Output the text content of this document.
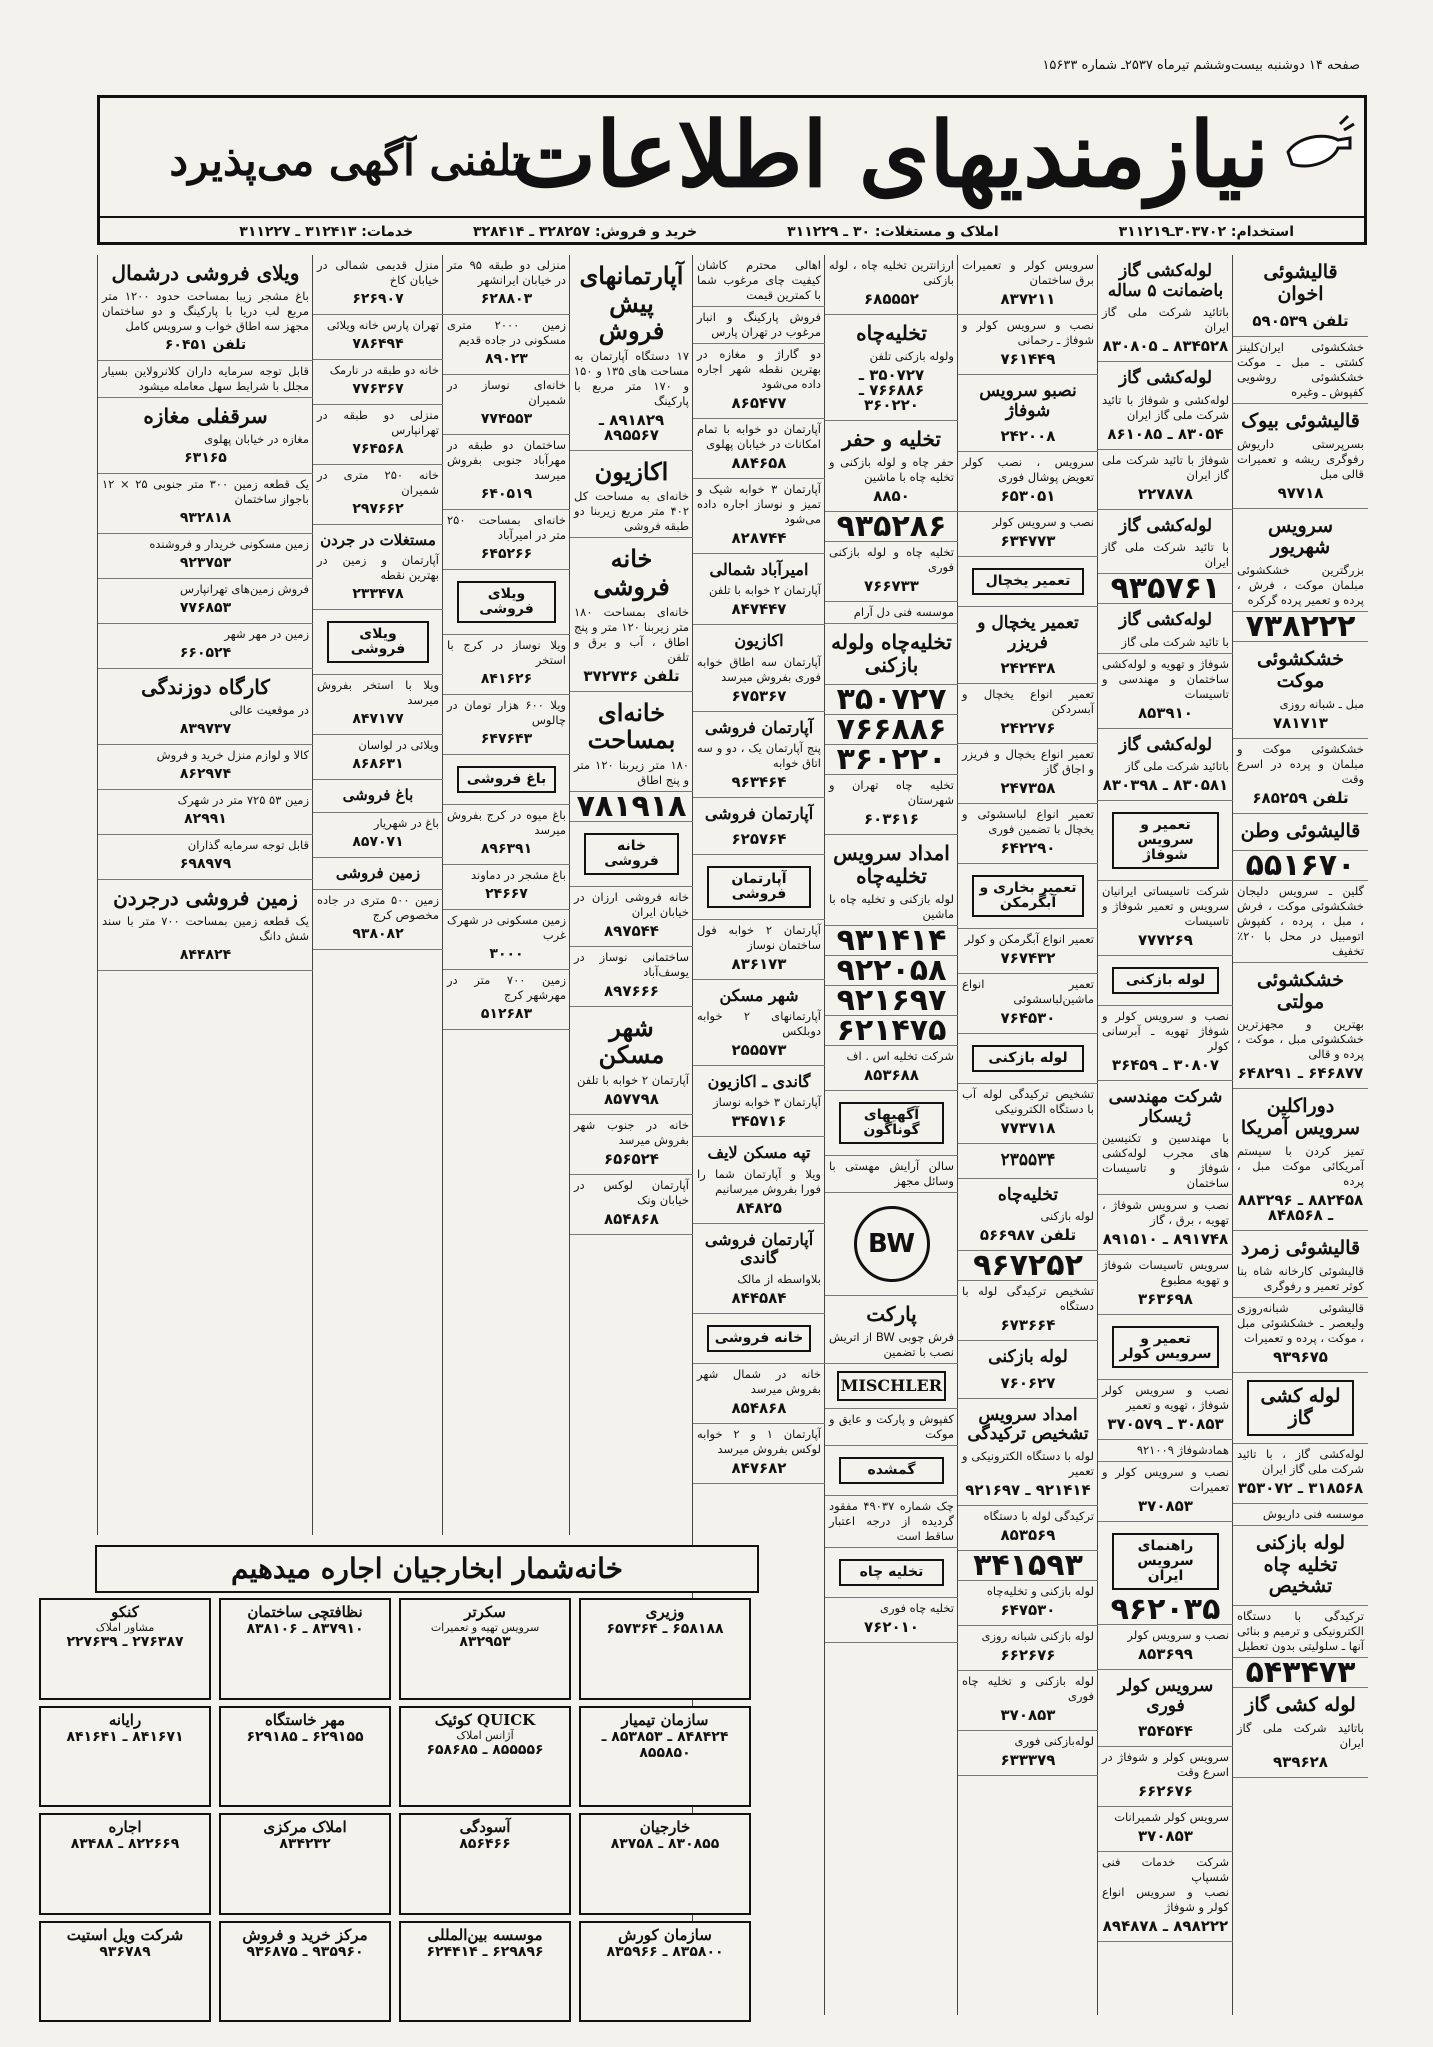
صفحه ۱۴ دوشنبه بیست‌وششم تیرماه ۲۵۳۷ـ شماره ۱۵۶۳۳
نیازمندیهای اطلاعات
تلفنی آگهی می‌پذیرد
استخدام: ۳۰۳۷۰۲ـ۳۱۱۲۱۹
املاک و مستغلات: ۳۰ ـ ۳۱۱۲۲۹
خرید و فروش: ۳۲۸۲۵۷ ـ ۳۲۸۴۱۴
خدمات: ۳۱۲۴۱۳ ـ ۳۱۱۲۲۷
قالیشوئی اخوان
تلفن ۵۹۰۵۳۹
خشکشوئی ایران‌کلینز کشتی ـ مبل ـ موکت خشکشوئی روشویی کفپوش ـ وغیره
قالیشوئی بیوک
بسرپرستی داریوش رفوگری ریشه و تعمیرات قالی مبل
۹۷۷۱۸
سرویس شهریور
بزرگترین خشکشوئی مبلمان موکت ، فرش ، پرده و تعمیر پرده گرکره
۷۳۸۲۲۲
خشکشوئی موکت
مبل ـ شبانه روزی
۷۸۱۷۱۳
خشکشوئی موکت و مبلمان و پرده در اسرع وقت
تلفن ۶۸۵۲۵۹
قالیشوئی وطن
۵۵۱۶۷۰
گلین ـ سرویس دلیجان خشکشوئی موکت ، فرش ، مبل ، پرده ، کفپوش اتومبیل در محل با ۲۰٪ تخفیف
خشکشوئی مولتی
بهترین و مجهزترین خشکشوئی مبل ، موکت ، پرده و قالی
۶۴۶۸۷۷ ـ ۶۴۸۲۹۱
دوراکلین سرویس آمریکا
تمیز کردن با سیستم آمریکائی موکت مبل ، پرده
۸۸۲۴۵۸ ـ ۸۸۳۲۹۶ ـ ۸۴۸۵۶۸
قالیشوئی زمرد
قالیشوئی کارخانه شاه بنا کوثر تعمیر و رفوگری
قالیشوئی شبانه‌روزی ولیعصر ـ خشکشوئی مبل ، موکت ، پرده و تعمیرات
۹۳۹۶۷۵
لوله کشی گاز
لوله‌کشی گاز ، با تائید شرکت ملی گاز ایران
۳۱۸۵۶۸ ـ ۳۵۳۰۷۲
موسسه فنی داریوش
لوله بازکنی تخلیه چاه تشخیص
ترکیدگی با دستگاه الکترونیکی و ترمیم و بنائی آنها ـ سلولیتی بدون تعطیل
۵۴۳۴۷۳
لوله کشی گاز
باتائید شرکت ملی گاز ایران
۹۳۹۶۲۸
لوله‌کشی گاز باضمانت ۵ ساله
باتائید شرکت ملی گاز ایران
۸۳۴۵۲۸ ـ ۸۳۰۸۰۵
لوله‌کشی گاز
لوله‌کشی و شوفاژ با تائید شرکت ملی گاز ایران
۸۳۰۵۴ ـ ۸۶۱۰۸۵
شوفاژ با تائید شرکت ملی گاز ایران
۲۲۷۸۷۸
لوله‌کشی گاز
با تائید شرکت ملی گاز ایران
۹۳۵۷۶۱
لوله‌کشی گاز
با تائید شرکت ملی گاز
شوفاژ و تهویه و لوله‌کشی ساختمان و مهندسی و تاسیسات
۸۵۳۹۱۰
لوله‌کشی گاز
باتائید شرکت ملی گاز
۸۳۰۵۸۱ ـ ۸۳۰۳۹۸
تعمیر و سرویس شوفاژ
شرکت تاسیساتی ایرانیان سرویس و تعمیر شوفاژ و تاسیسات
۷۷۷۲۶۹
لوله بازکنی
نصب و سرویس کولر و شوفاژ تهویه ـ آبرسانی کولر
۳۰۸۰۷ ـ ۳۶۴۵۹
شرکت مهندسی ژیسکار
با مهندسین و تکنیسین های مجرب لوله‌کشی شوفاژ و تاسیسات ساختمان
نصب و سرویس شوفاژ ، تهویه ، برق ، گاز
۸۹۱۷۴۸ ـ ۸۹۱۵۱۰
سرویس تاسیسات شوفاژ و تهویه مطبوع
۳۶۳۶۹۸
تعمیر و سرویس کولر
نصب و سرویس کولر شوفاژ ، تهویه و تعمیر
۳۰۸۵۳ ـ ۳۷۰۵۷۹
همادشوفاژ ۹۲۱۰۰۹
نصب و سرویس کولر و تعمیرات
۳۷۰۸۵۳
راهنمای سرویس ایران
۹۶۲۰۳۵
نصب و سرویس کولر
۸۵۳۶۹۹
سرویس کولر فوری
۳۵۴۵۴۴
سرویس کولر و شوفاژ در اسرع وقت
۶۶۲۶۷۶
سرویس کولر شمیرانات
۳۷۰۸۵۳
شرکت خدمات فنی شسپاپ
نصب و سرویس انواع کولر و شوفاژ
۸۹۸۲۲۲ ـ ۸۹۴۸۷۸
سرویس کولر و تعمیرات برق ساختمان
۸۳۷۲۱۱
نصب و سرویس کولر و شوفاژ ـ رحمانی
۷۶۱۴۴۹
نصبو سرویس شوفاژ
۲۴۲۰۰۸
سرویس ، نصب کولر تعویض پوشال فوری
۶۵۳۰۵۱
نصب و سرویس کولر
۶۳۴۷۷۳
تعمیر یخچال
تعمیر یخچال و فریزر
۲۴۲۴۳۸
تعمیر انواع یخچال و آبسردکن
۲۴۲۲۷۶
تعمیر انواع یخچال و فریزر و اجاق گاز
۲۴۷۳۵۸
تعمیر انواع لباسشوئی و یخچال با تضمین فوری
۶۴۲۲۹۰
تعمیر بخاری و آبگرمکن
تعمیر انواع آبگرمکن و کولر
۷۶۷۴۳۲
تعمیر انواع ماشین‌لباسشوئی
۷۶۴۵۳۰
لوله بازکنی
تشخیص ترکیدگی لوله آب با دستگاه الکترونیکی
۷۷۳۷۱۸
۲۳۵۵۳۴
تخلیه‌چاه
لوله بازکنی
تلفن ۵۶۶۹۸۷
۹۶۷۲۵۲
تشخیص ترکیدگی لوله با دستگاه
۶۷۳۶۶۴
لوله بازکنی
۷۶۰۶۲۷
امداد سرویس تشخیص ترکیدگی
لوله با دستگاه الکترونیکی و تعمیر
۹۲۱۴۱۴ ـ ۹۲۱۶۹۷
ترکیدگی لوله با دستگاه
۸۵۳۵۶۹
۳۴۱۵۹۳
لوله بازکنی و تخلیه‌چاه
۶۴۷۵۳۰
لوله بازکنی شبانه روزی
۶۶۲۶۷۶
لوله بازکنی و تخلیه چاه فوری
۳۷۰۸۵۳
لوله‌بازکنی فوری
۶۳۳۳۷۹
ارزانترین تخلیه چاه ، لوله بازکنی
۶۸۵۵۵۲
تخلیه‌چاه
ولوله بازکنی تلفن
۳۵۰۷۲۷ ـ ۷۶۶۸۸۶ ـ ۳۶۰۲۲۰
تخلیه و حفر
حفر چاه و لوله بازکنی و تخلیه چاه با ماشین
۸۸۵۰
۹۳۵۲۸۶
تخلیه چاه و لوله بازکنی فوری
۷۶۶۷۳۳
موسسه فنی دل آرام
تخلیه‌چاه ولوله بازکنی
۳۵۰۷۲۷
۷۶۶۸۸۶
۳۶۰۲۲۰
تخلیه چاه تهران و شهرستان
۶۰۳۶۱۶
امداد سرویس تخلیه‌چاه
لوله بازکنی و تخلیه چاه با ماشین
۹۳۱۴۱۴
۹۲۲۰۵۸
۹۲۱۶۹۷
۶۲۱۴۷۵
شرکت تخلیه اس . اف
۸۵۳۶۸۸
آگهیهای گوناگون
سالن آرایش مهستی با وسائل مجهز
BW
پارکت
فرش چوبی BW از اتریش نصب با تضمین
MISCHLER
کفپوش و پارکت و عایق و موکت
گمشده
چک شماره ۴۹۰۳۷ مفقود گردیده از درجه اعتبار ساقط است
تخلیه چاه
تخلیه چاه فوری
۷۶۲۰۱۰
اهالی محترم کاشان کیفیت چای مرغوب شما با کمترین قیمت
فروش پارکینگ و انبار مرغوب در تهران پارس
دو گاراژ و مغازه در بهترین نقطه شهر اجاره داده می‌شود
۸۶۵۴۷۷
آپارتمان دو خوابه با تمام امکانات در خیابان پهلوی
۸۸۴۶۵۸
آپارتمان ۳ خوابه شیک و تمیز و نوساز اجاره داده می‌شود
۸۲۸۷۴۴
امیرآباد شمالی
آپارتمان ۲ خوابه با تلفن
۸۴۷۴۴۷
اکازیون
آپارتمان سه اطاق خوابه فوری بفروش میرسد
۶۷۵۳۶۷
آپارتمان فروشی
پنج آپارتمان یک ، دو و سه اتاق خوابه
۹۶۳۴۶۴
آپارتمان فروشی
۶۲۵۷۶۴
آپارتمان فروشی
آپارتمان ۲ خوابه فول ساختمان نوساز
۸۳۶۱۷۳
شهر مسکن
آپارتمانهای ۲ خوابه دوبلکس
۲۵۵۵۷۳
گاندی ـ اکازیون
آپارتمان ۳ خوابه نوساز
۳۴۵۷۱۶
تپه مسکن لایف
ویلا و آپارتمان شما را فورا بفروش میرسانیم
۸۴۸۲۵
آپارتمان فروشی گاندی
بلاواسطه از مالک
۸۴۴۵۸۴
خانه فروشی
خانه در شمال شهر بفروش میرسد
۸۵۴۸۶۸
آپارتمان ۱ و ۲ خوابه لوکس بفروش میرسد
۸۴۷۶۸۲
آپارتمانهای پیش فروش
۱۷ دستگاه آپارتمان به مساحت های ۱۳۵ و ۱۵۰ و ۱۷۰ متر مربع با پارکینگ
۸۹۱۸۲۹ ـ ۸۹۵۵۶۷
اکازیون
خانه‌ای به مساحت کل ۴۰۲ متر مربع زیربنا دو طبقه فروشی
خانه فروشی
خانه‌ای بمساحت ۱۸۰ متر زیربنا ۱۲۰ متر و پنج اطاق ، آب و برق و تلفن
تلفن ۳۷۲۷۳۶
خانه‌ای بمساحت
۱۸۰ متر زیربنا ۱۲۰ متر و پنج اطاق
۷۸۱۹۱۸
خانه فروشی
خانه فروشی ارزان در خیابان ایران
۸۹۷۵۴۴
ساختمانی نوساز در یوسف‌آباد
۸۹۷۶۶۶
شهر مسکن
آپارتمان ۲ خوابه با تلفن
۸۵۷۷۹۸
خانه در جنوب شهر بفروش میرسد
۶۵۶۵۲۴
آپارتمان لوکس در خیابان ونک
۸۵۴۸۶۸
منزلی دو طبقه ۹۵ متر در خیابان ایرانشهر
۶۲۸۸۰۳
زمین ۲۰۰۰ متری مسکونی در جاده قدیم
۸۹۰۲۳
خانه‌ای نوساز در شمیران
۷۷۴۵۵۳
ساختمان دو طبقه در مهرآباد جنوبی بفروش میرسد
۶۴۰۵۱۹
خانه‌ای بمساحت ۲۵۰ متر در امیرآباد
۶۴۵۲۶۶
ویلای فروشی
ویلا نوساز در کرج با استخر
۸۴۱۶۲۶
ویلا ۶۰۰ هزار تومان در چالوس
۶۴۷۶۴۳
باغ فروشی
باغ میوه در کرج بفروش میرسد
۸۹۶۳۹۱
باغ مشجر در دماوند
۲۴۶۶۷
زمین مسکونی در شهرک غرب
۳۰۰۰
زمین ۷۰۰ متر در مهرشهر کرج
۵۱۲۶۸۳
منزل قدیمی شمالی در خیابان کاخ
۶۲۶۹۰۷
تهران پارس خانه ویلائی
۷۸۶۴۹۴
خانه دو طبقه در نارمک
۷۷۶۳۶۷
منزلی دو طبقه در تهرانپارس
۷۶۴۵۶۸
خانه ۲۵۰ متری در شمیران
۲۹۷۶۶۲
مستغلات در جردن
آپارتمان و زمین در بهترین نقطه
۲۳۳۴۷۸
ویلای فروشی
ویلا با استخر بفروش میرسد
۸۴۷۱۷۷
ویلائی در لواسان
۸۶۸۶۳۱
باغ فروشی
باغ در شهریار
۸۵۷۰۷۱
زمین فروشی
زمین ۵۰۰ متری در جاده مخصوص کرج
۹۳۸۰۸۲
ویلای فروشی درشمال
باغ مشجر زیبا بمساحت حدود ۱۲۰۰ متر مربع لب دریا با پارکینگ و دو ساختمان مجهز سه اطاق خواب و سرویس کامل
تلفن ۶۰۴۵۱
قابل توجه سرمایه داران کلانرولاین بسیار مجلل با شرایط سهل معامله میشود
سرقفلی مغازه
مغازه در خیابان پهلوی
۶۳۱۶۵
یک قطعه زمین ۳۰۰ متر جنوبی ۲۵ × ۱۲ باجواز ساختمان
۹۳۲۸۱۸
زمین مسکونی خریدار و فروشنده
۹۲۳۷۵۳
فروش زمین‌های تهرانپارس
۷۷۶۸۵۳
زمین در مهر شهر
۶۶۰۵۲۴
کارگاه دوزندگی
در موقعیت عالی
۸۳۹۷۳۷
کالا و لوازم منزل خرید و فروش
۸۶۲۹۷۴
زمین ۵۳ ۷۲۵ متر در شهرک
۸۲۹۹۱
قابل توجه سرمایه گذاران
۶۹۸۹۷۹
زمین فروشی درجردن
یک قطعه زمین بمساحت ۷۰۰ متر با سند شش دانگ
۸۴۴۸۲۴
خانه‌شمار ابخارجیان اجاره میدهیم
وزیری
۶۵۸۱۸۸ ـ ۶۵۷۳۶۴
سکرتر
سرویس تهیه و تعمیرات
۸۳۲۹۵۳
نظافتچی ساختمان
۸۳۷۹۱۰ ـ ۸۳۸۱۰۶
کنکو
مشاور املاک
۲۷۶۳۸۷ ـ ۲۲۷۶۳۹
سازمان تیمیار
۸۴۸۴۲۴ ـ ۸۵۳۸۵۳ ـ ۸۵۵۸۵۰
QUICK کوئیک
آژانس املاک
۸۵۵۵۵۶ ـ ۶۵۸۶۸۵
مهر خاستگاه
۶۲۹۱۵۵ ـ ۶۲۹۱۸۵
رایانه
۸۴۱۶۷۱ ـ ۸۴۱۶۴۱
خارجیان
۸۳۰۸۵۵ ـ ۸۳۷۵۸
آسودگی
۸۵۶۴۶۶
املاک مرکزی
۸۳۴۲۳۲
اجاره
۸۲۲۶۶۹ ـ ۸۳۴۸۸
سازمان کورش
۸۳۵۸۰۰ ـ ۸۳۵۹۶۶
موسسه بین‌المللی
۶۲۹۸۹۶ ـ ۶۲۴۴۱۴
مرکز خرید و فروش
۹۳۵۹۶۰ ـ ۹۳۶۸۷۵
شرکت ویل استیت
۹۳۶۷۸۹
